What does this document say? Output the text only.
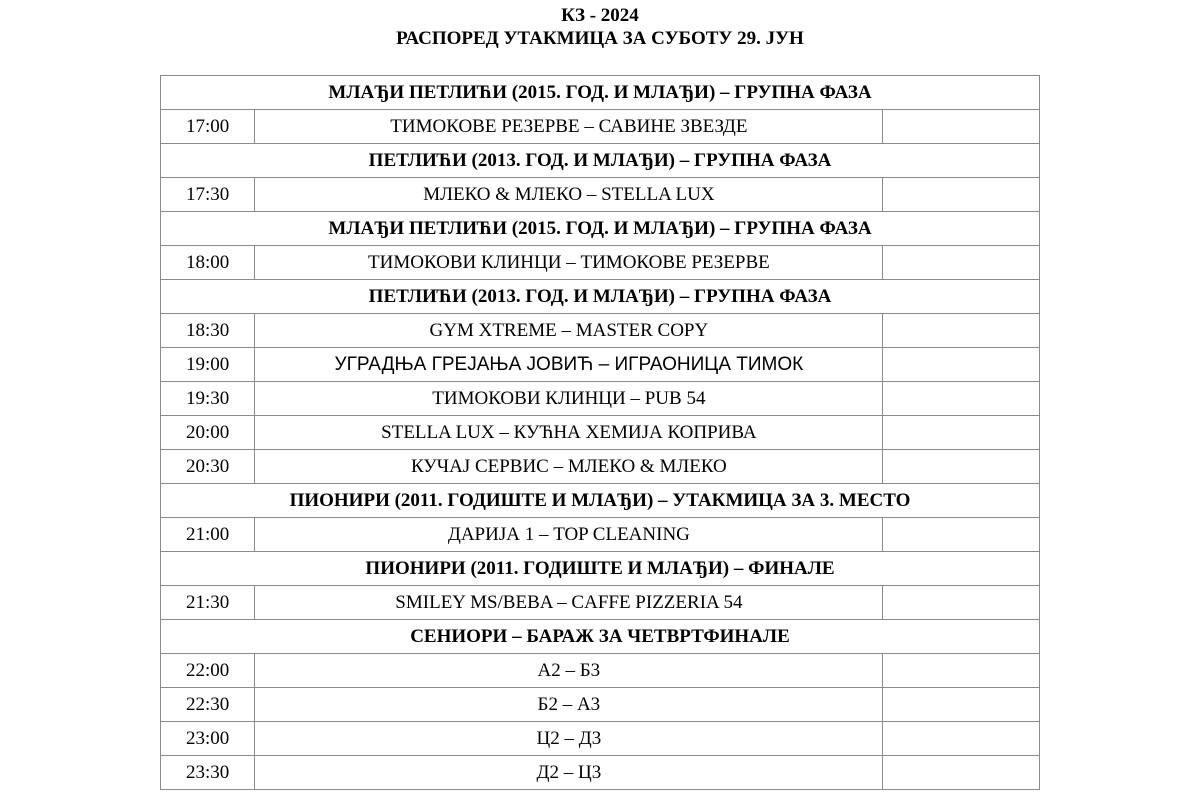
КЗ - 2024
РАСПОРЕД УТАКМИЦА ЗА СУБОТУ 29. ЈУН
МЛАЂИ ПЕТЛИЋИ (2015. ГОД. И МЛАЂИ) – ГРУПНА ФАЗА		
17:00	ТИМОКОВЕ РЕЗЕРВЕ – САВИНЕ ЗВЕЗДЕ	
ПЕТЛИЋИ (2013. ГОД. И МЛАЂИ) – ГРУПНА ФАЗА		
17:30	МЛЕКО & МЛЕКО – STELLA LUX	
МЛАЂИ ПЕТЛИЋИ (2015. ГОД. И МЛАЂИ) – ГРУПНА ФАЗА		
18:00	ТИМОКОВИ КЛИНЦИ – ТИМОКОВЕ РЕЗЕРВЕ	
ПЕТЛИЋИ (2013. ГОД. И МЛАЂИ) – ГРУПНА ФАЗА		
18:30	GYM XTREME – MASTER COPY	
19:00	УГРАДЊА ГРЕЈАЊА ЈОВИЋ – ИГРАОНИЦА ТИМОК	
19:30	ТИМОКОВИ КЛИНЦИ – PUB 54	
20:00	STELLA LUX – КУЋНА ХЕМИЈА КОПРИВА	
20:30	КУЧАЈ СЕРВИС – МЛЕКО & МЛЕКО	
ПИОНИРИ (2011. ГОДИШТЕ И МЛАЂИ) – УТАКМИЦА ЗА 3. МЕСТО		
21:00	ДАРИЈА 1 – TOP CLEANING	
ПИОНИРИ (2011. ГОДИШТЕ И МЛАЂИ) – ФИНАЛЕ		
21:30	SMILEY MS/BEBA – CAFFE PIZZERIA 54	
СЕНИОРИ – БАРАЖ ЗА ЧЕТВРТФИНАЛЕ		
22:00	А2 – Б3	
22:30	Б2 – А3	
23:00	Ц2 – Д3	
23:30	Д2 – Ц3	
